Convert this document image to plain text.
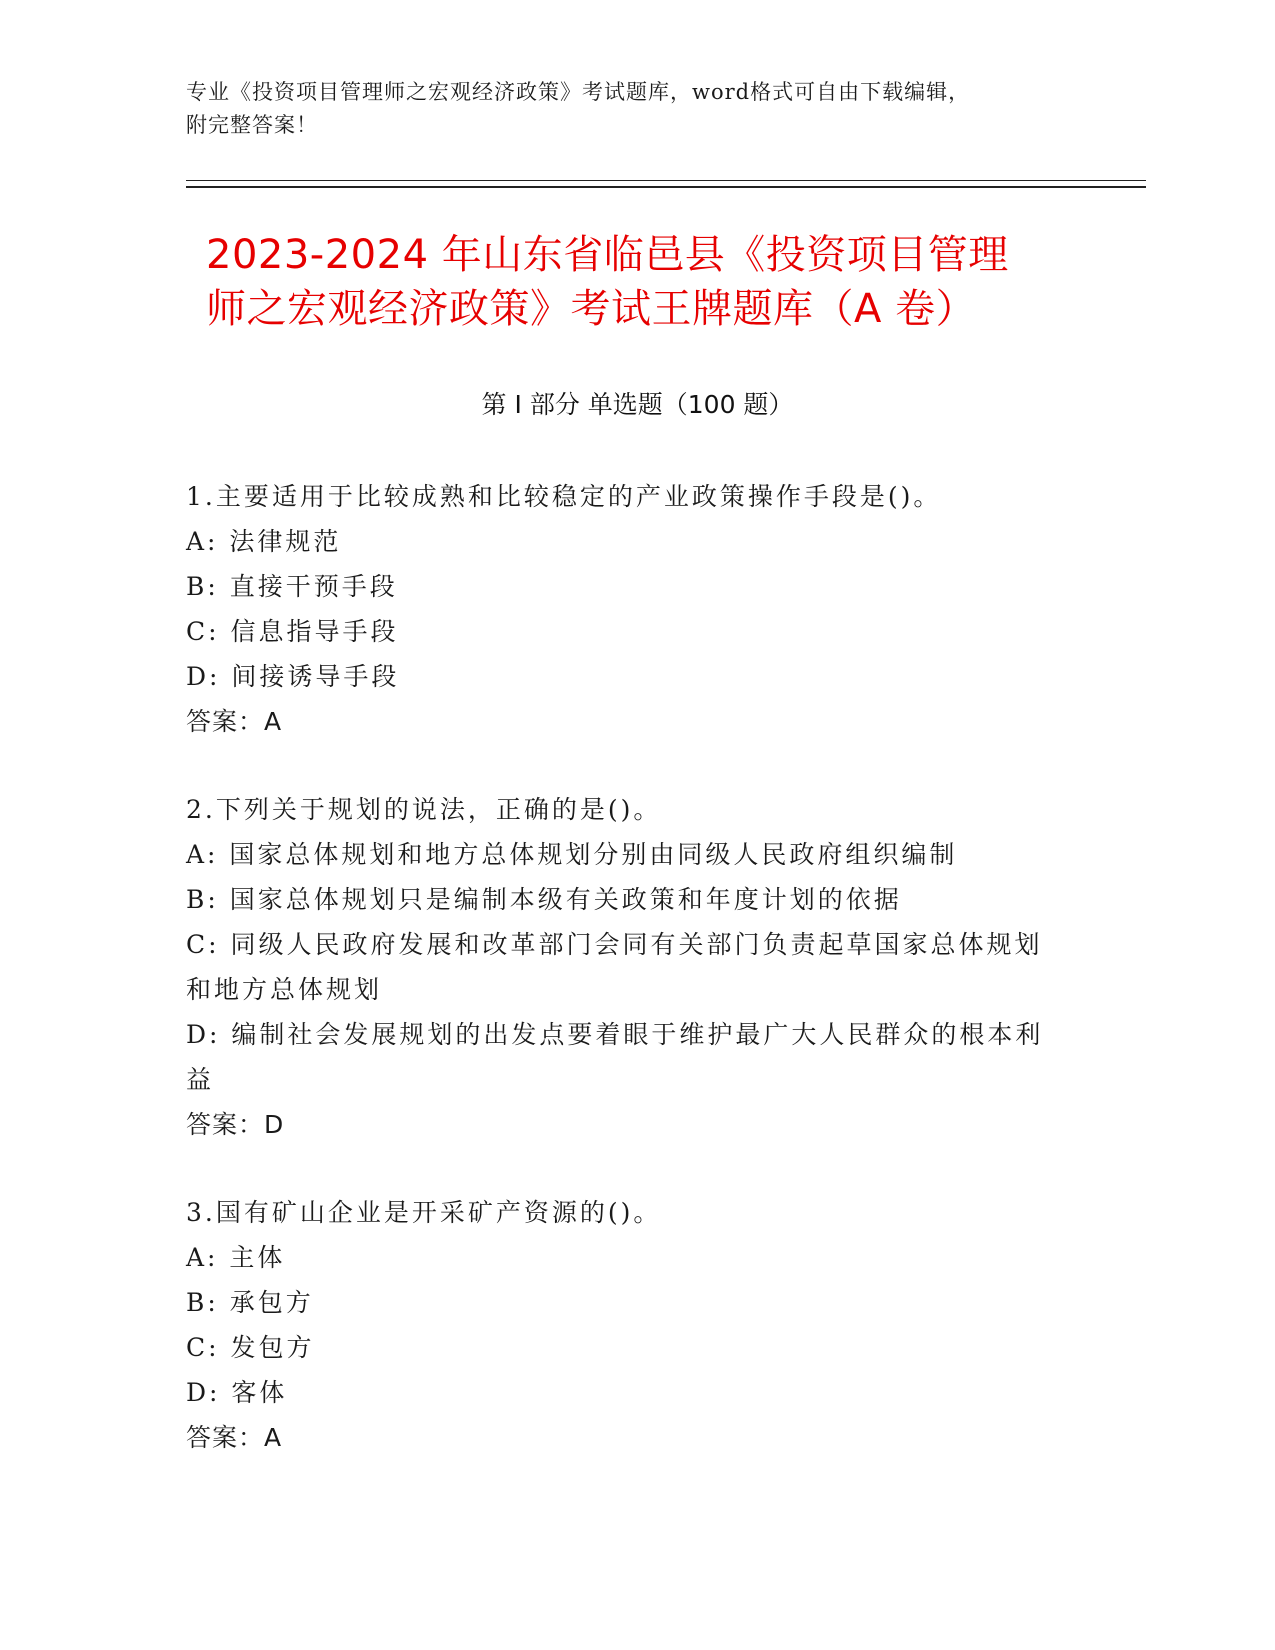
专业《投资项目管理师之宏观经济政策》考试题库，word格式可自由下载编辑，
附完整答案！
2023-2024 年山东省临邑县《投资项目管理
师之宏观经济政策》考试王牌题库（A 卷）
第 I 部分 单选题（100 题）
1.主要适用于比较成熟和比较稳定的产业政策操作手段是()。
A: 法律规范
B: 直接干预手段
C: 信息指导手段
D: 间接诱导手段
答案：A
2.下列关于规划的说法，正确的是()。
A: 国家总体规划和地方总体规划分别由同级人民政府组织编制
B: 国家总体规划只是编制本级有关政策和年度计划的依据
C: 同级人民政府发展和改革部门会同有关部门负责起草国家总体规划和地方总体规划
D: 编制社会发展规划的出发点要着眼于维护最广大人民群众的根本利益
答案：D
3.国有矿山企业是开采矿产资源的()。
A: 主体
B: 承包方
C: 发包方
D: 客体
答案：A
